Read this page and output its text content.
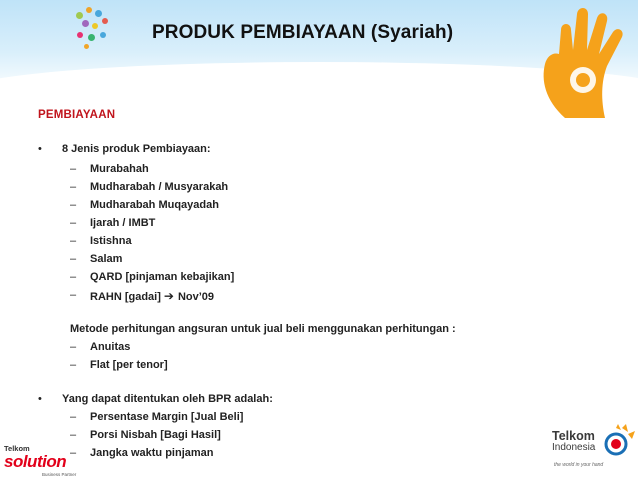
PRODUK PEMBIAYAAN (Syariah)
PEMBIAYAAN
• 8 Jenis produk Pembiayaan:
– Murabahah
– Mudharabah / Musyarakah
– Mudharabah Muqayadah
– Ijarah / IMBT
– Istishna
– Salam
– QARD [pinjaman kebajikan]
– RAHN [gadai] ➔ Nov’09
Metode perhitungan angsuran untuk jual beli menggunakan perhitungan :
– Anuitas
– Flat [per tenor]
• Yang dapat ditentukan oleh BPR adalah:
– Persentase Margin [Jual Beli]
– Porsi Nisbah [Bagi Hasil]
– Jangka waktu pinjaman
Telkom
solution
Business Partner
Telkom
Indonesia
the world in your hand
